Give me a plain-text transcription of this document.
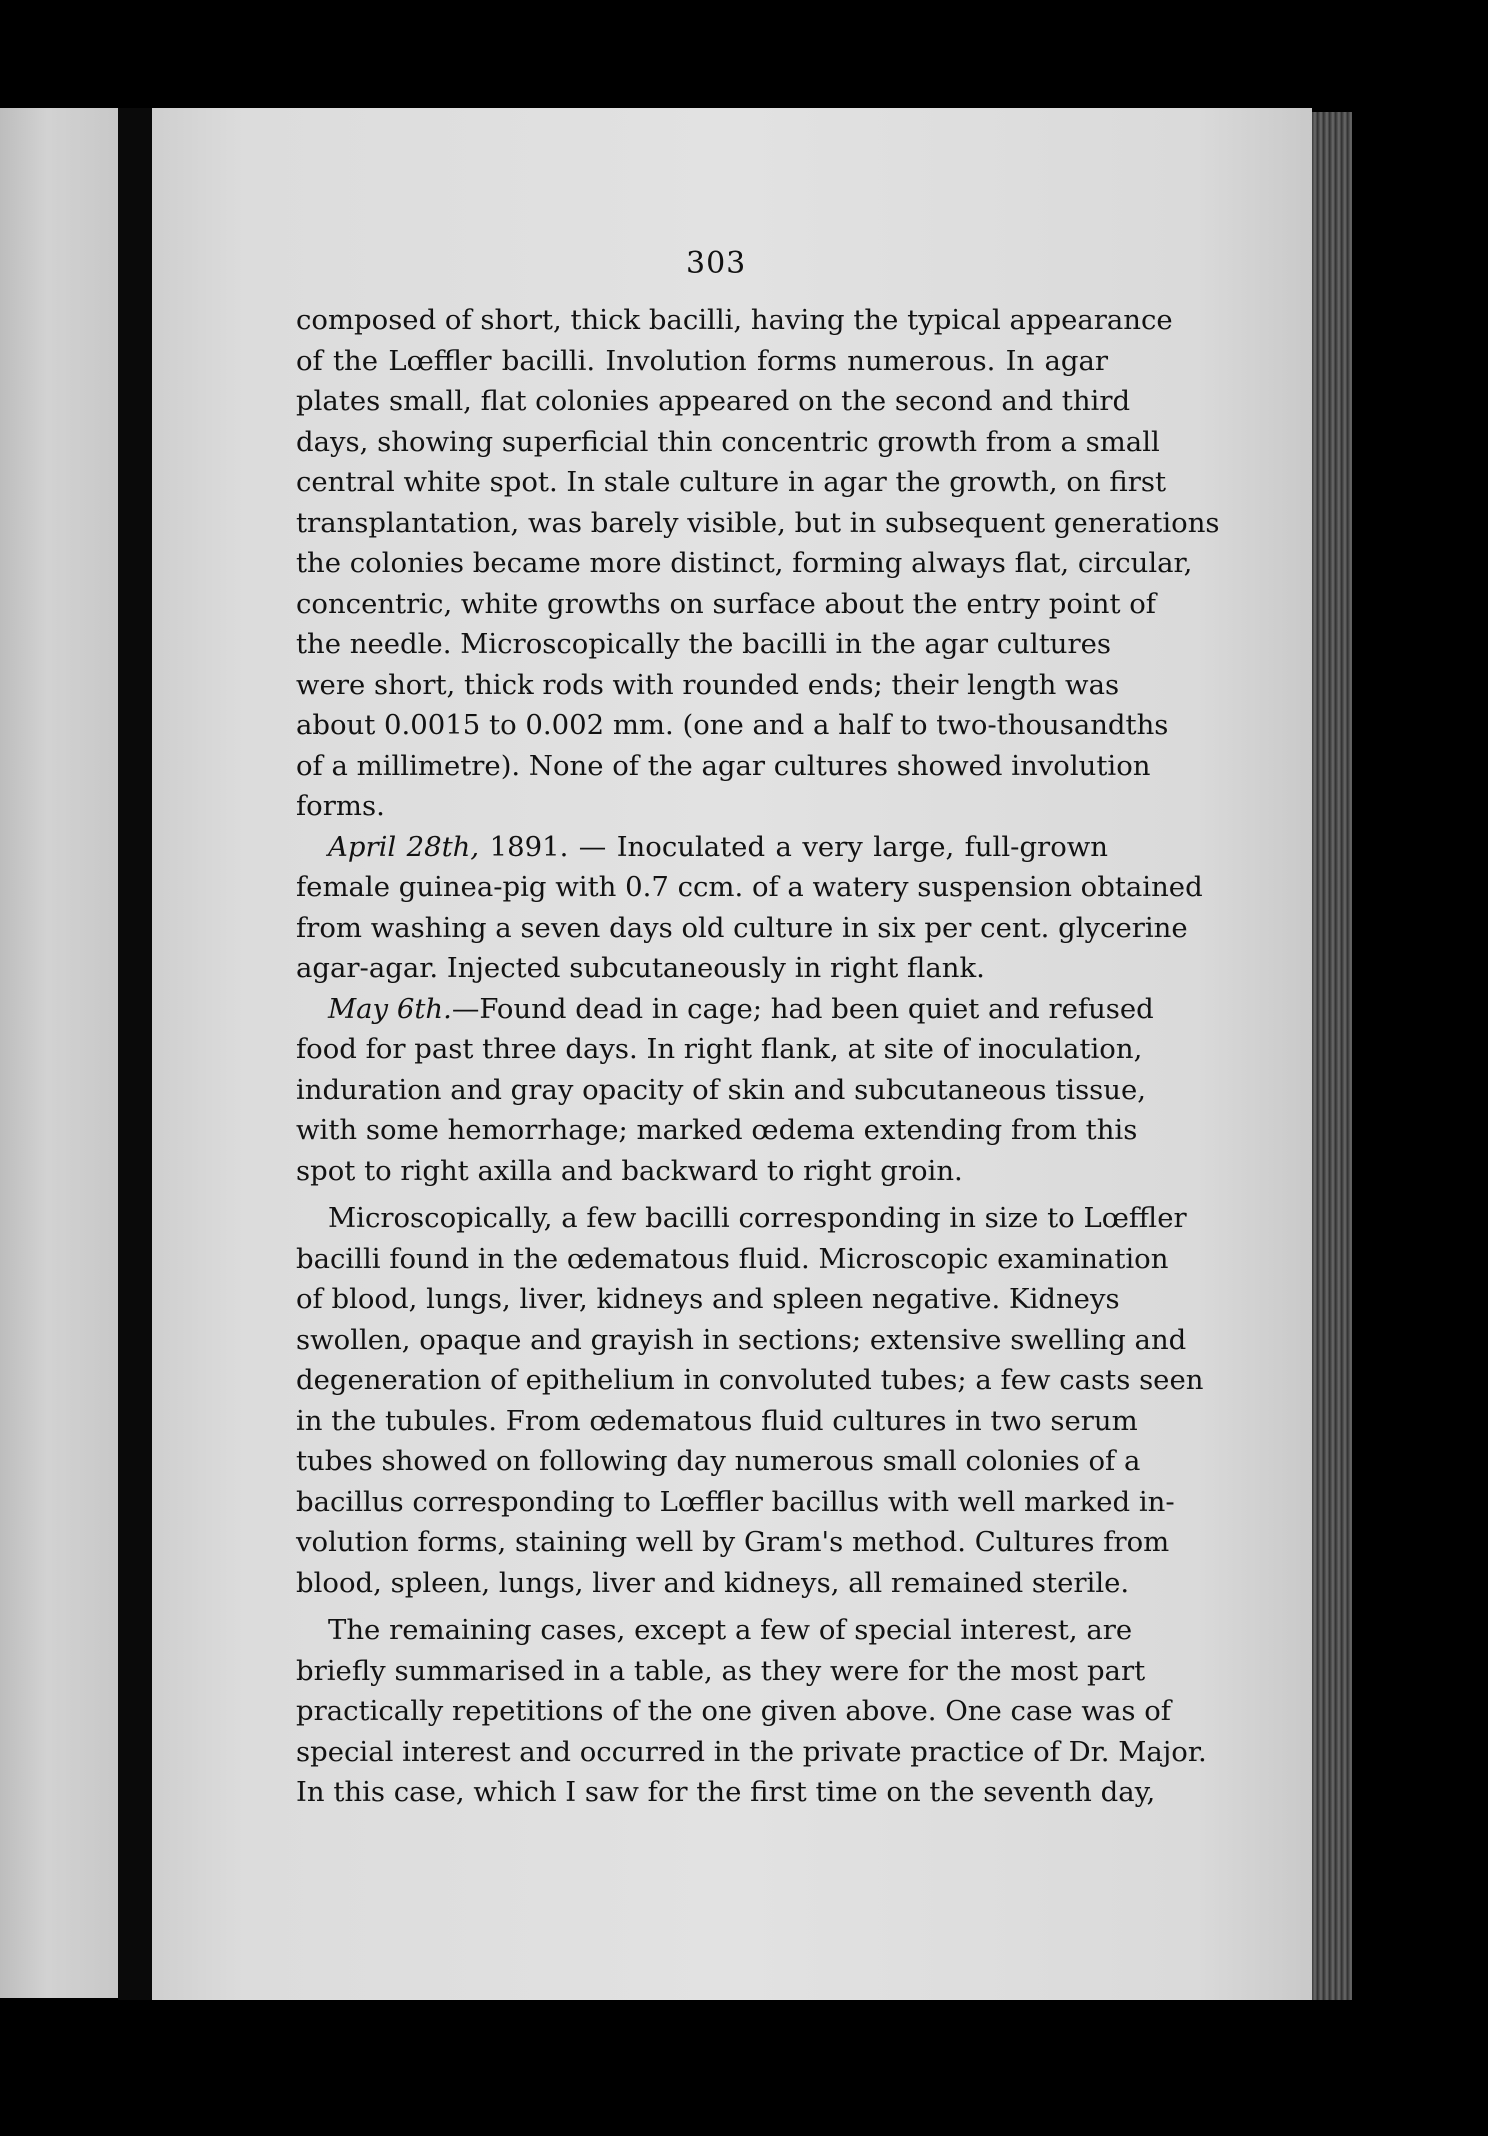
303
composed of short, thick bacilli, having the typical appearance
of the Lœffler bacilli. Involution forms numerous. In agar
plates small, flat colonies appeared on the second and third
days, showing superficial thin concentric growth from a small
central white spot. In stale culture in agar the growth, on first
transplantation, was barely visible, but in subsequent generations
the colonies became more distinct, forming always flat, circular,
concentric, white growths on surface about the entry point of
the needle. Microscopically the bacilli in the agar cultures
were short, thick rods with rounded ends; their length was
about 0.0015 to 0.002 mm. (one and a half to two-thousandths
of a millimetre). None of the agar cultures showed involution
forms.
April 28th, 1891. — Inoculated a very large, full-grown
female guinea-pig with 0.7 ccm. of a watery suspension obtained
from washing a seven days old culture in six per cent. glycerine
agar-agar. Injected subcutaneously in right flank.
May 6th.—Found dead in cage; had been quiet and refused
food for past three days. In right flank, at site of inoculation,
induration and gray opacity of skin and subcutaneous tissue,
with some hemorrhage; marked œdema extending from this
spot to right axilla and backward to right groin.
Microscopically, a few bacilli corresponding in size to Lœffler
bacilli found in the œdematous fluid. Microscopic examination
of blood, lungs, liver, kidneys and spleen negative. Kidneys
swollen, opaque and grayish in sections; extensive swelling and
degeneration of epithelium in convoluted tubes; a few casts seen
in the tubules. From œdematous fluid cultures in two serum
tubes showed on following day numerous small colonies of a
bacillus corresponding to Lœffler bacillus with well marked in-
volution forms, staining well by Gram's method. Cultures from
blood, spleen, lungs, liver and kidneys, all remained sterile.
The remaining cases, except a few of special interest, are
briefly summarised in a table, as they were for the most part
practically repetitions of the one given above. One case was of
special interest and occurred in the private practice of Dr. Major.
In this case, which I saw for the first time on the seventh day,
